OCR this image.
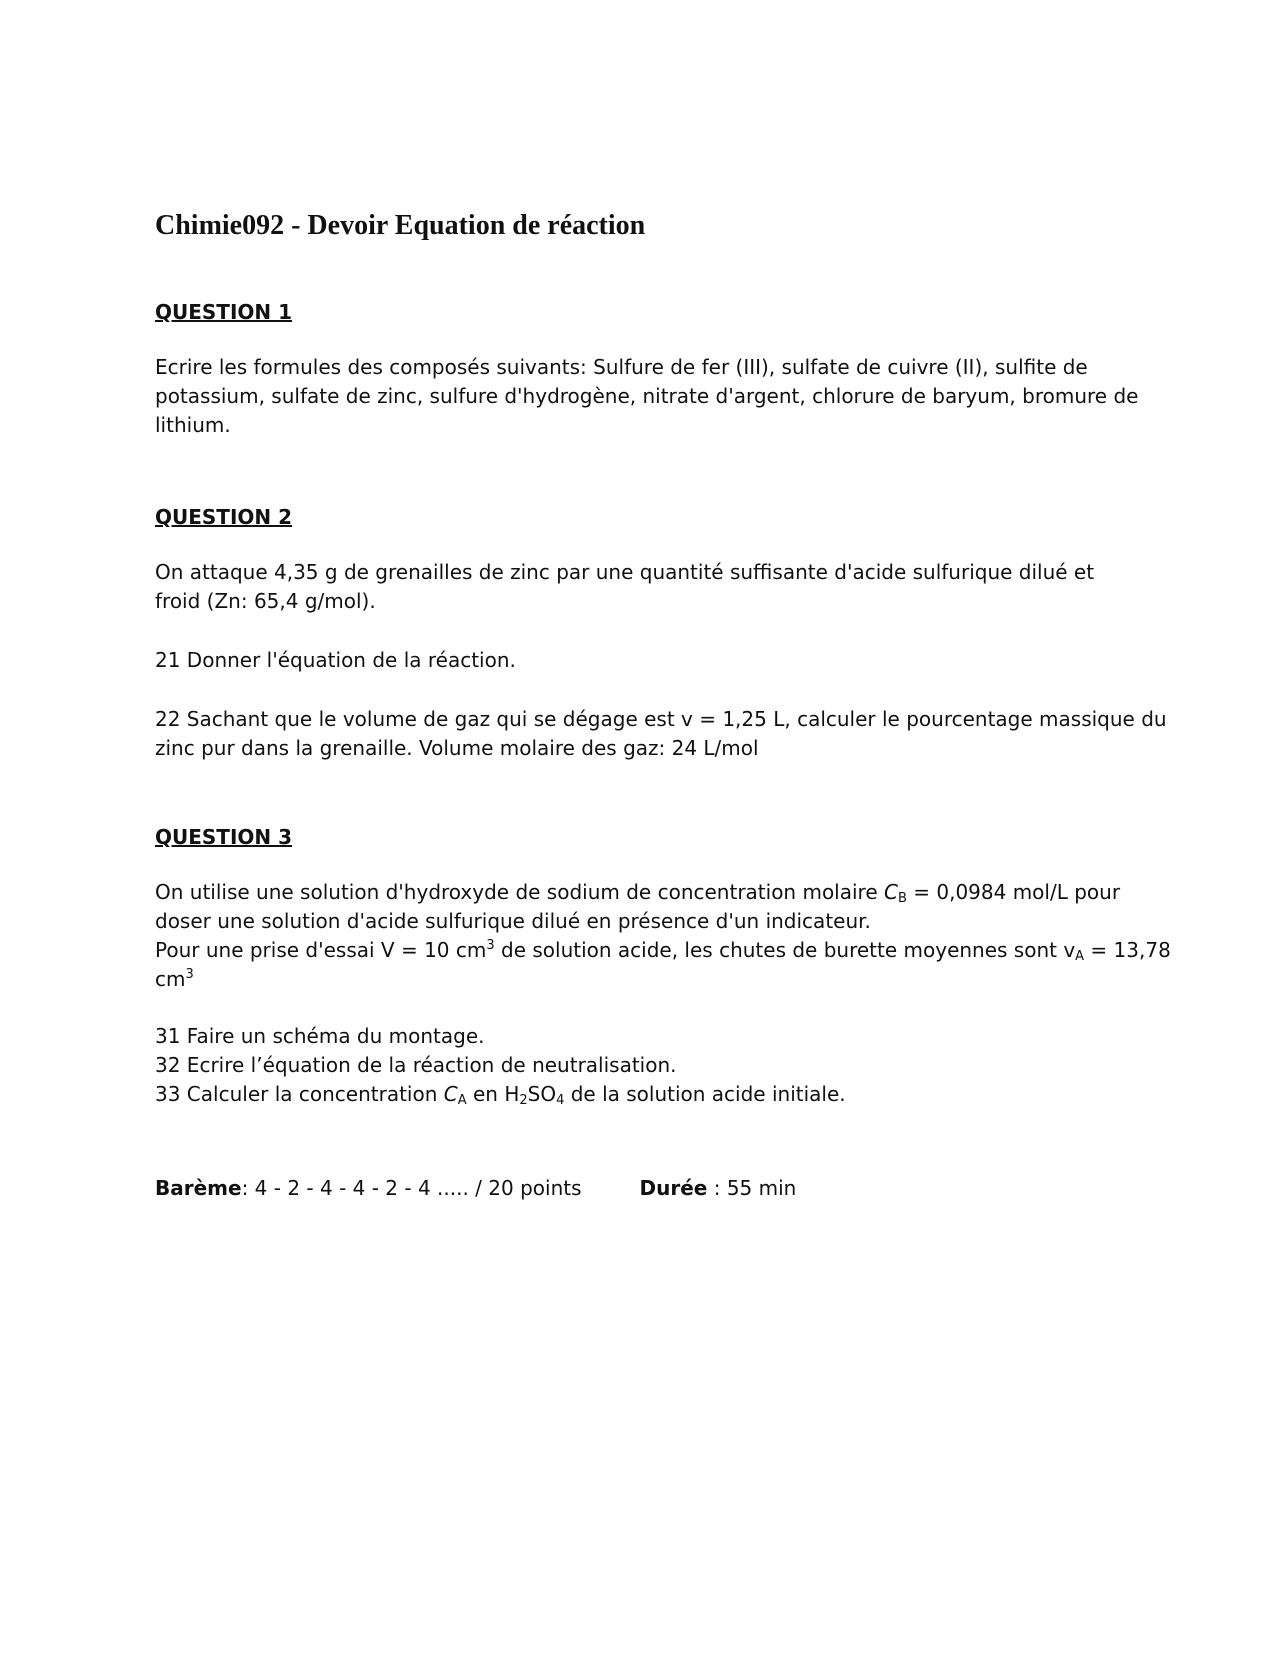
Chimie092 - Devoir Equation de réaction
QUESTION 1
Ecrire les formules des composés suivants: Sulfure de fer (III), sulfate de cuivre (II), sulfite de
potassium, sulfate de zinc, sulfure d'hydrogène, nitrate d'argent, chlorure de baryum, bromure de
lithium.
QUESTION 2
On attaque 4,35 g de grenailles de zinc par une quantité suffisante d'acide sulfurique dilué et
froid (Zn: 65,4 g/mol).
21 Donner l'équation de la réaction.
22 Sachant que le volume de gaz qui se dégage est v = 1,25 L, calculer le pourcentage massique du
zinc pur dans la grenaille. Volume molaire des gaz: 24 L/mol
QUESTION 3
On utilise une solution d'hydroxyde de sodium de concentration molaire $C_B = 0,0984$ mol/L pour
doser une solution d'acide sulfurique dilué en présence d'un indicateur.
Pour une prise d'essai V = 10 $cm^3$ de solution acide, les chutes de burette moyennes sont $v_A = 13,78$
$cm^3$
31 Faire un schéma du montage.
32 Ecrire l’équation de la réaction de neutralisation.
33 Calculer la concentration $C_A$ en $H_2SO_4$ de la solution acide initiale.
Barème: 4 - 2 - 4 - 4 - 2 - 4 ..... / 20 points	Durée : 55 min
